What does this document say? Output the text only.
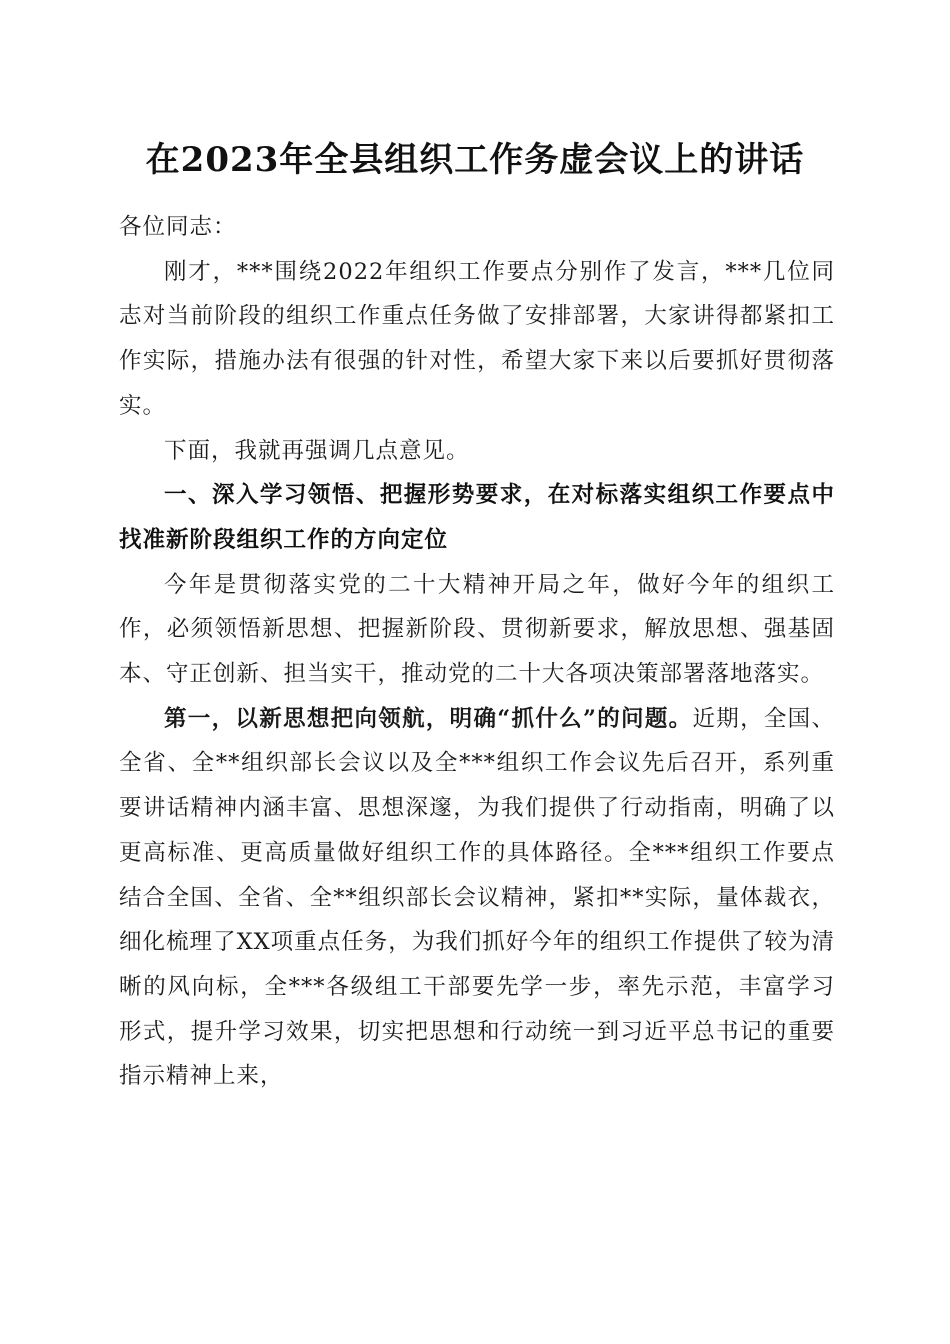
在2023年全县组织工作务虚会议上的讲话

各位同志：

刚才，***围绕2022年组织工作要点分别作了发言，***几位同志对当前阶段的组织工作重点任务做了安排部署，大家讲得都紧扣工作实际，措施办法有很强的针对性，希望大家下来以后要抓好贯彻落实。

下面，我就再强调几点意见。

一、深入学习领悟、把握形势要求，在对标落实组织工作要点中找准新阶段组织工作的方向定位

今年是贯彻落实党的二十大精神开局之年，做好今年的组织工作，必须领悟新思想、把握新阶段、贯彻新要求，解放思想、强基固本、守正创新、担当实干，推动党的二十大各项决策部署落地落实。

第一，以新思想把向领航，明确“抓什么”的问题。近期，全国、全省、全**组织部长会议以及全***组织工作会议先后召开，系列重要讲话精神内涵丰富、思想深邃，为我们提供了行动指南，明确了以更高标准、更高质量做好组织工作的具体路径。全***组织工作要点结合全国、全省、全**组织部长会议精神，紧扣**实际，量体裁衣，细化梳理了XX项重点任务，为我们抓好今年的组织工作提供了较为清晰的风向标，全***各级组工干部要先学一步，率先示范，丰富学习形式，提升学习效果，切实把思想和行动统一到习近平总书记的重要指示精神上来，
